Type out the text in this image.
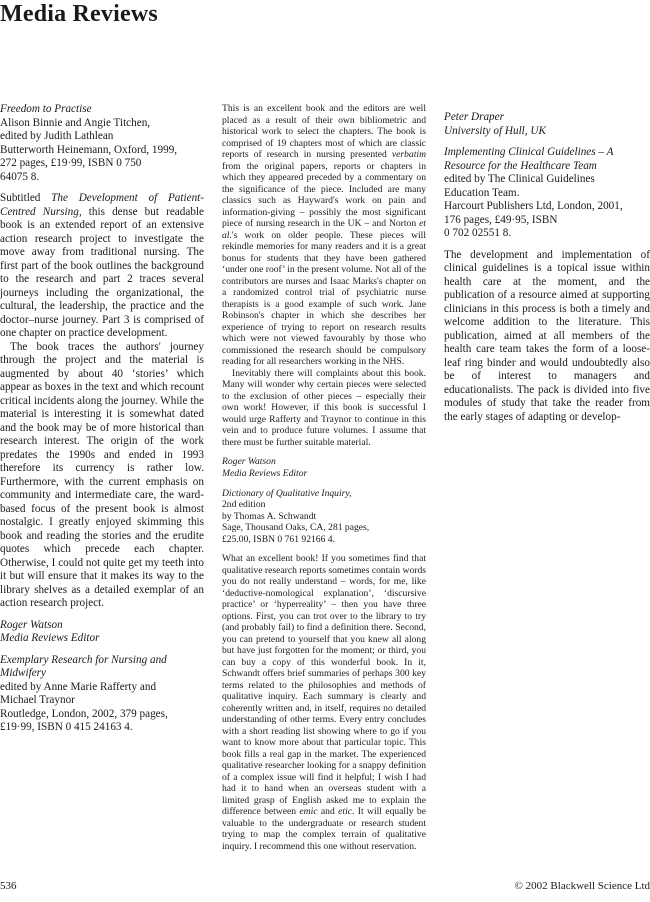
Media Reviews
Freedom to Practise
Alison Binnie and Angie Titchen,
edited by Judith Lathlean
Butterworth Heinemann, Oxford, 1999,
272 pages, £19·99, ISBN 0 750
64075 8.

Subtitled The Development of Patient-Centred Nursing, this dense but readable book is an extended report of an extensive action research project to investigate the move away from traditional nursing. The first part of the book outlines the background to the research and part 2 traces several journeys including the organizational, the cultural, the leadership, the practice and the doctor–nurse journey. Part 3 is comprised of one chapter on practice development.

The book traces the authors' journey through the project and the material is augmented by about 40 ‘stories’ which appear as boxes in the text and which recount critical incidents along the journey. While the material is interesting it is somewhat dated and the book may be of more historical than research interest. The origin of the work predates the 1990s and ended in 1993 therefore its currency is rather low. Furthermore, with the current emphasis on community and intermediate care, the ward-based focus of the present book is almost nostalgic. I greatly enjoyed skimming this book and reading the stories and the erudite quotes which precede each chapter. Otherwise, I could not quite get my teeth into it but will ensure that it makes its way to the library shelves as a detailed exemplar of an action research project.

Roger Watson
Media Reviews Editor
Exemplary Research for Nursing and Midwifery
edited by Anne Marie Rafferty and
Michael Traynor
Routledge, London, 2002, 379 pages,
£19·99, ISBN 0 415 24163 4.

This is an excellent book and the editors are well placed as a result of their own bibliometric and historical work to select the chapters. The book is comprised of 19 chapters most of which are classic reports of research in nursing presented verbatim from the original papers, reports or chapters in which they appeared preceded by a commentary on the significance of the piece. Included are many classics such as Hayward's work on pain and information-giving – possibly the most significant piece of nursing research in the UK – and Norton et al.'s work on older people. These pieces will rekindle memories for many readers and it is a great bonus for students that they have been gathered ‘under one roof’ in the present volume. Not all of the contributors are nurses and Isaac Marks's chapter on a randomized control trial of psychiatric nurse therapists is a good example of such work. Jane Robinson's chapter in which she describes her experience of trying to report on research results which were not viewed favourably by those who commissioned the research should be compulsory reading for all researchers working in the NHS.

Inevitably there will complaints about this book. Many will wonder why certain pieces were selected to the exclusion of other pieces – especially their own work! However, if this book is successful I would urge Rafferty and Traynor to continue in this vein and to produce future volumes. I assume that there must be further suitable material.

Roger Watson
Media Reviews Editor
Dictionary of Qualitative Inquiry,
2nd edition
by Thomas A. Schwandt
Sage, Thousand Oaks, CA, 281 pages,
£25.00, ISBN 0 761 92166 4.

What an excellent book! If you sometimes find that qualitative research reports sometimes contain words you do not really understand – words, for me, like ‘deductive-nomological explanation’, ‘discursive practice’ or ‘hyperreality’ – then you have three options. First, you can trot over to the library to try (and probably fail) to find a definition there. Second, you can pretend to yourself that you knew all along but have just forgotten for the moment; or third, you can buy a copy of this wonderful book. In it, Schwandt offers brief summaries of perhaps 300 key terms related to the philosophies and methods of qualitative inquiry. Each summary is clearly and coherently written and, in itself, requires no detailed understanding of other terms. Every entry concludes with a short reading list showing where to go if you want to know more about that particular topic. This book fills a real gap in the market. The experienced qualitative researcher looking for a snappy definition of a complex issue will find it helpful; I wish I had had it to hand when an overseas student with a limited grasp of English asked me to explain the difference between emic and etic. It will equally be valuable to the undergraduate or research student trying to map the complex terrain of qualitative inquiry. I recommend this one without reservation.

Peter Draper
University of Hull, UK
Implementing Clinical Guidelines – A Resource for the Healthcare Team
edited by The Clinical Guidelines
Education Team.
Harcourt Publishers Ltd, London, 2001,
176 pages, £49·95, ISBN
0 702 02551 8.

The development and implementation of clinical guidelines is a topical issue within health care at the moment, and the publication of a resource aimed at supporting clinicians in this process is both a timely and welcome addition to the literature. This publication, aimed at all members of the health care team takes the form of a loose-leaf ring binder and would undoubtedly also be of interest to managers and educationalists. The pack is divided into five modules of study that take the reader from the early stages of adapting or develop-

536	© 2002 Blackwell Science Ltd
